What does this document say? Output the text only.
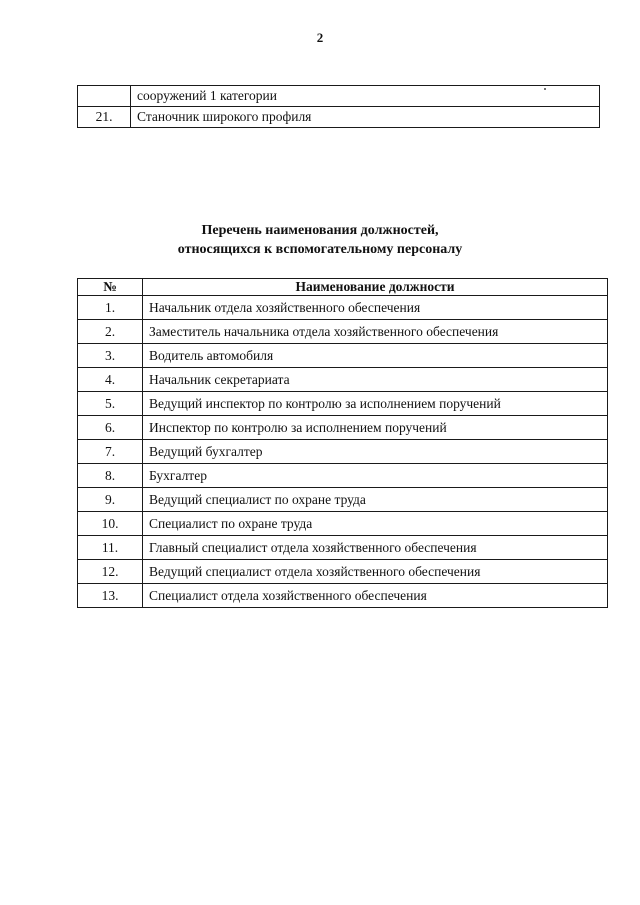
2
	сооружений 1 категории
21.	Станочник широкого профиля
Перечень наименования должностей,
относящихся к вспомогательному персоналу
№	Наименование должности
1.	Начальник отдела хозяйственного обеспечения
2.	Заместитель начальника отдела хозяйственного обеспечения
3.	Водитель автомобиля
4.	Начальник секретариата
5.	Ведущий инспектор по контролю за исполнением поручений
6.	Инспектор по контролю за исполнением поручений
7.	Ведущий бухгалтер
8.	Бухгалтер
9.	Ведущий специалист по охране труда
10.	Специалист по охране труда
11.	Главный специалист отдела хозяйственного обеспечения
12.	Ведущий специалист отдела хозяйственного обеспечения
13.	Специалист отдела хозяйственного обеспечения
